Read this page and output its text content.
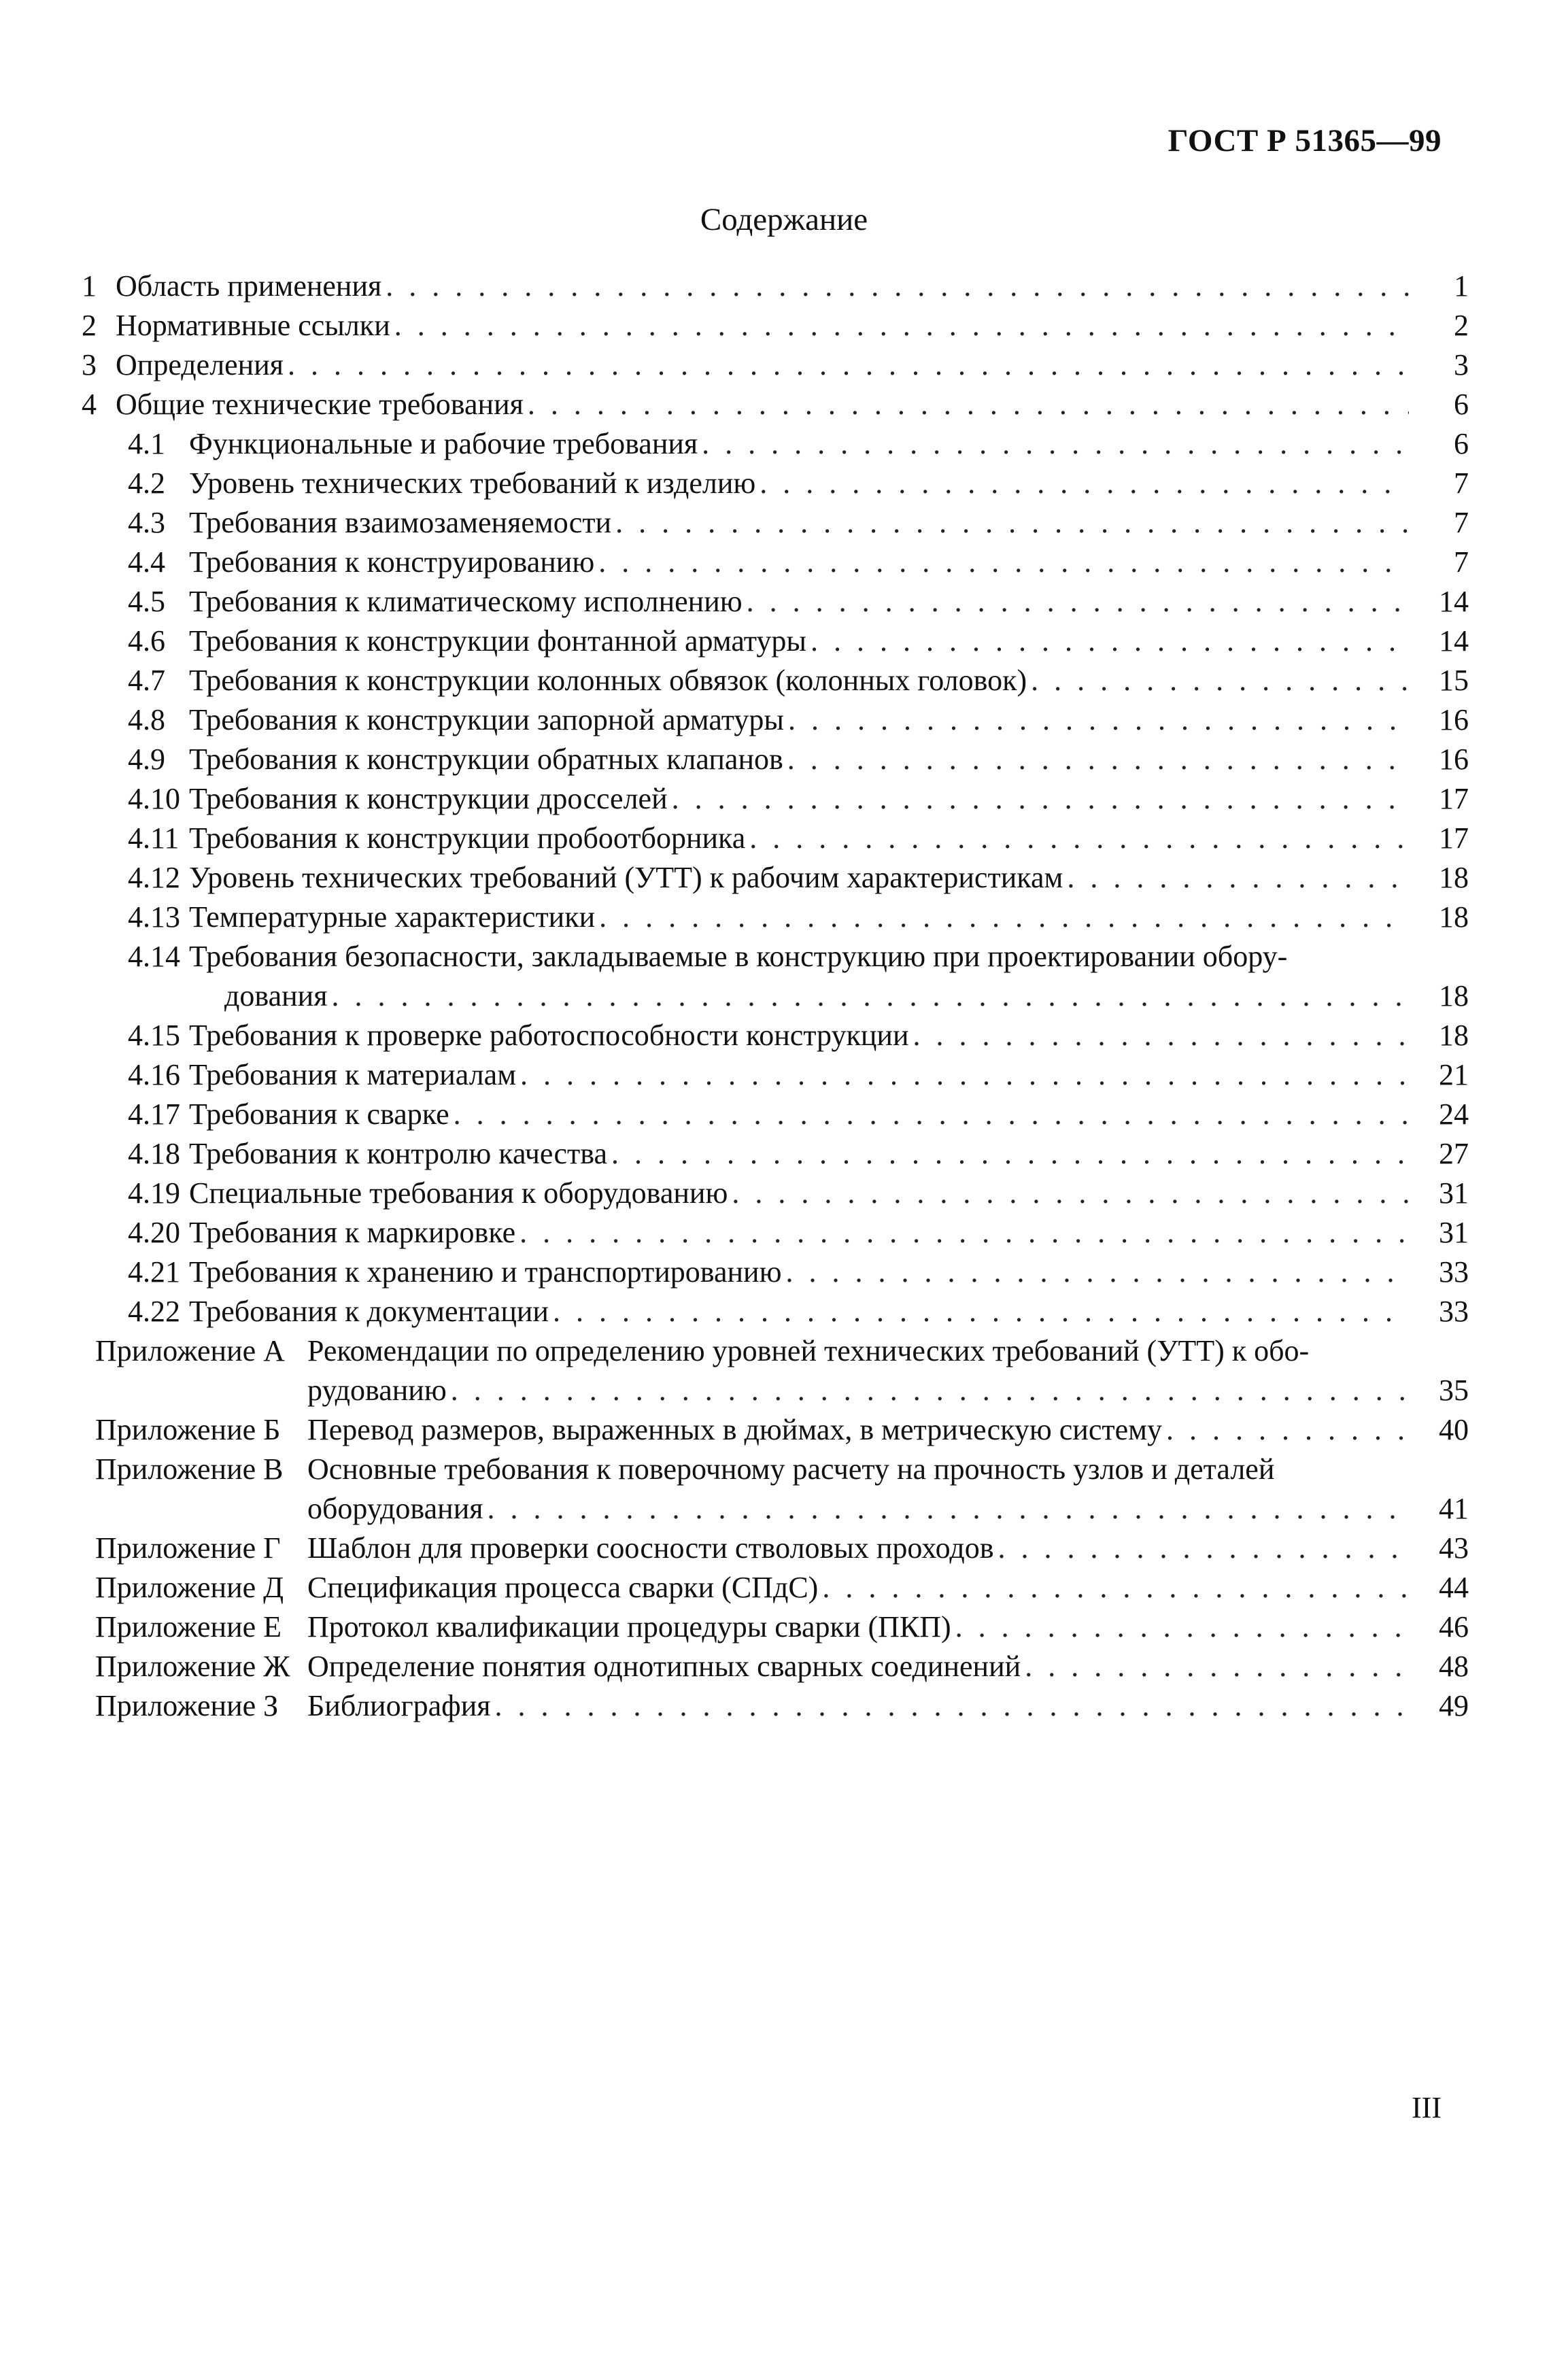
ГОСТ Р 51365—99
Содержание
1 Область применения . . .	1
2 Нормативные ссылки . . .	2
3 Определения . . .	3
4 Общие технические требования . . .	6
4.1 Функциональные и рабочие требования . . .	6
4.2 Уровень технических требований к изделию . . .	7
4.3 Требования взаимозаменяемости . . .	7
4.4 Требования к конструированию . . .	7
4.5 Требования к климатическому исполнению . . .	14
4.6 Требования к конструкции фонтанной арматуры . . .	14
4.7 Требования к конструкции колонных обвязок (колонных головок) . . .	15
4.8 Требования к конструкции запорной арматуры . . .	16
4.9 Требования к конструкции обратных клапанов . . .	16
4.10 Требования к конструкции дросселей . . .	17
4.11 Требования к конструкции пробоотборника . . .	17
4.12 Уровень технических требований (УТТ) к рабочим характеристикам . . .	18
4.13 Температурные характеристики . . .	18
4.14 Требования безопасности, закладываемые в конструкцию при проектировании обору-
дования . . .	18
4.15 Требования к проверке работоспособности конструкции . . .	18
4.16 Требования к материалам . . .	21
4.17 Требования к сварке . . .	24
4.18 Требования к контролю качества . . .	27
4.19 Специальные требования к оборудованию . . .	31
4.20 Требования к маркировке . . .	31
4.21 Требования к хранению и транспортированию . . .	33
4.22 Требования к документации . . .	33
Приложение А Рекомендации по определению уровней технических требований (УТТ) к обо-
рудованию . . .	35
Приложение Б Перевод размеров, выраженных в дюймах, в метрическую систему . . .	40
Приложение В Основные требования к поверочному расчету на прочность узлов и деталей
оборудования . . .	41
Приложение Г Шаблон для проверки соосности стволовых проходов . . .	43
Приложение Д Спецификация процесса сварки (СПдС) . . .	44
Приложение Е Протокол квалификации процедуры сварки (ПКП) . . .	46
Приложение Ж Определение понятия однотипных сварных соединений . . .	48
Приложение З Библиография . . .	49
III
